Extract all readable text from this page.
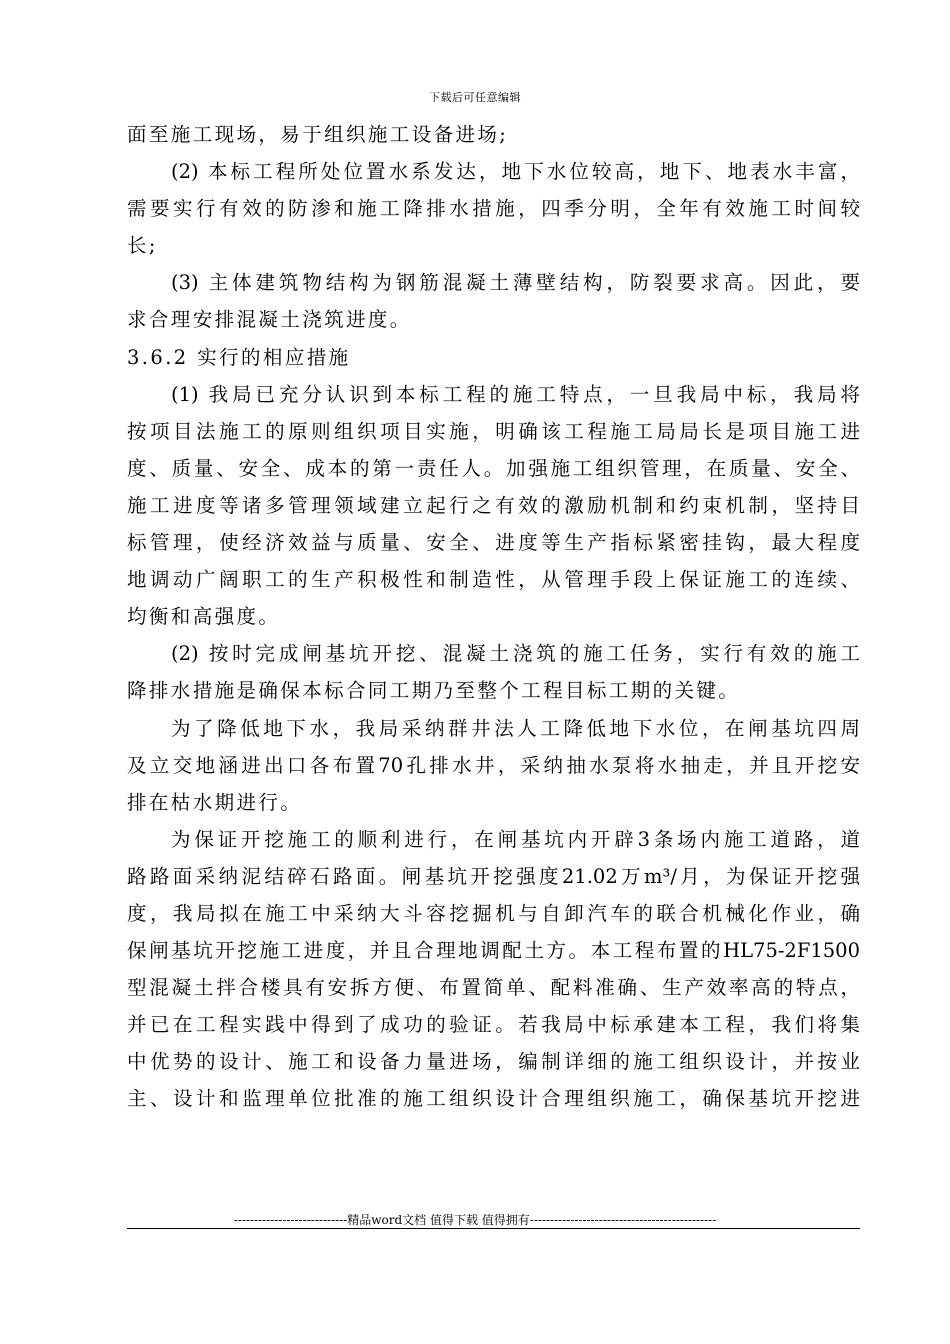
下载后可任意编辑
面至施工现场，易于组织施工设备进场;
(2) 本标工程所处位置水系发达，地下水位较高，地下、地表水丰富，
需要实行有效的防渗和施工降排水措施，四季分明，全年有效施工时间较
长;
(3) 主体建筑物结构为钢筋混凝土薄壁结构，防裂要求高。因此，要
求合理安排混凝土浇筑进度。
3.6.2 实行的相应措施
(1) 我局已充分认识到本标工程的施工特点，一旦我局中标，我局将
按项目法施工的原则组织项目实施，明确该工程施工局局长是项目施工进
度、质量、安全、成本的第一责任人。加强施工组织管理，在质量、安全、
施工进度等诸多管理领域建立起行之有效的激励机制和约束机制，坚持目
标管理，使经济效益与质量、安全、进度等生产指标紧密挂钩，最大程度
地调动广阔职工的生产积极性和制造性，从管理手段上保证施工的连续、
均衡和高强度。
(2) 按时完成闸基坑开挖、混凝土浇筑的施工任务，实行有效的施工
降排水措施是确保本标合同工期乃至整个工程目标工期的关键。
为了降低地下水，我局采纳群井法人工降低地下水位，在闸基坑四周
及立交地涵进出口各布置70孔排水井，采纳抽水泵将水抽走，并且开挖安
排在枯水期进行。
为保证开挖施工的顺利进行，在闸基坑内开辟3条场内施工道路，道
路路面采纳泥结碎石路面。闸基坑开挖强度21.02万m³/月，为保证开挖强
度，我局拟在施工中采纳大斗容挖掘机与自卸汽车的联合机械化作业，确
保闸基坑开挖施工进度，并且合理地调配土方。本工程布置的HL75-2F1500
型混凝土拌合楼具有安拆方便、布置简单、配料准确、生产效率高的特点，
并已在工程实践中得到了成功的验证。若我局中标承建本工程，我们将集
中优势的设计、施工和设备力量进场，编制详细的施工组织设计，并按业
主、设计和监理单位批准的施工组织设计合理组织施工，确保基坑开挖进
----------------------------精品word文档 值得下载 值得拥有----------------------------------------------
